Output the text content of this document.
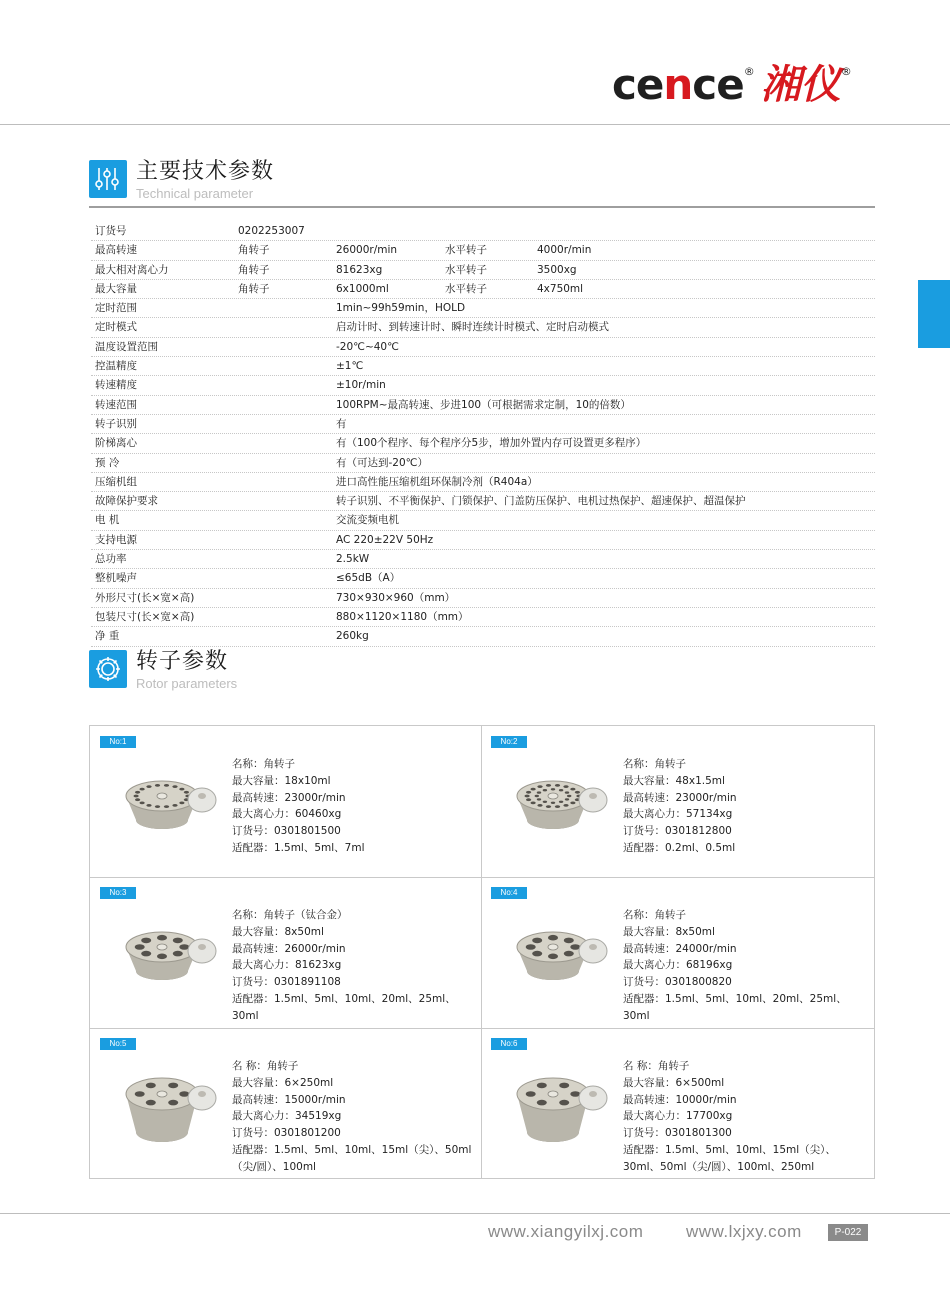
cence ® 湘仪 ®
主要技术参数
Technical parameter
订货号	0202253007
最高转速	角转子	26000r/min	水平转子	4000r/min
最大相对离心力	角转子	81623xg	水平转子	3500xg
最大容量	角转子	6x1000ml	水平转子	4x750ml
定时范围	1min~99h59min，HOLD
定时模式	启动计时、到转速计时、瞬时连续计时模式、定时启动模式
温度设置范围	-20℃~40℃
控温精度	±1℃
转速精度	±10r/min
转速范围	100RPM~最高转速、步进100（可根据需求定制，10的倍数）
转子识别	有
阶梯离心	有（100个程序、每个程序分5步，增加外置内存可设置更多程序）
预 冷	有（可达到-20℃）
压缩机组	进口高性能压缩机组环保制冷剂（R404a）
故障保护要求	转子识别、不平衡保护、门锁保护、门盖防压保护、电机过热保护、超速保护、超温保护
电 机	交流变频电机
支持电源	AC 220±22V 50Hz
总功率	2.5kW
整机噪声	≤65dB（A）
外形尺寸(长×宽×高)	730×930×960（mm）
包装尺寸(长×宽×高)	880×1120×1180（mm）
净 重	260kg
转子参数
Rotor parameters
No:1
名称：角转子
最大容量：18x10ml
最高转速：23000r/min
最大离心力：60460xg
订货号：0301801500
适配器：1.5ml、5ml、7ml
No:2
名称：角转子
最大容量：48x1.5ml
最高转速：23000r/min
最大离心力：57134xg
订货号：0301812800
适配器：0.2ml、0.5ml
No:3
名称：角转子（钛合金）
最大容量：8x50ml
最高转速：26000r/min
最大离心力：81623xg
订货号：0301891108
适配器：1.5ml、5ml、10ml、20ml、25ml、30ml
No:4
名称：角转子
最大容量：8x50ml
最高转速：24000r/min
最大离心力：68196xg
订货号：0301800820
适配器：1.5ml、5ml、10ml、20ml、25ml、30ml
No:5
名 称：角转子
最大容量：6×250ml
最高转速：15000r/min
最大离心力：34519xg
订货号：0301801200
适配器：1.5ml、5ml、10ml、15ml（尖）、50ml（尖/圆）、100ml
No:6
名 称：角转子
最大容量：6×500ml
最高转速：10000r/min
最大离心力：17700xg
订货号：0301801300
适配器：1.5ml、5ml、10ml、15ml（尖）、30ml、50ml（尖/圆）、100ml、250ml
www.xiangyilxj.com	www.lxjxy.com	P-022
